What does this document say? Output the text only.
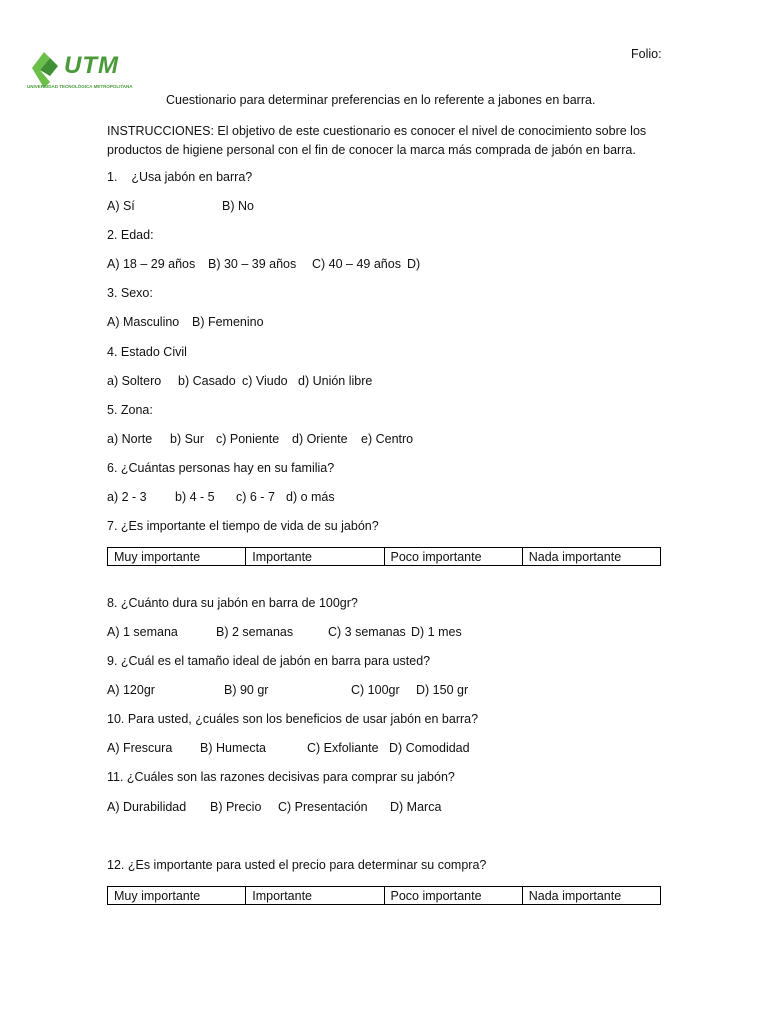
UTM
UNIVERSIDAD TECNOLÓGICA METROPOLITANA
Folio:
Cuestionario para determinar preferencias en lo referente a jabones en barra.
INSTRUCCIONES: El objetivo de este cuestionario es conocer el nivel de conocimiento sobre los productos de higiene personal con el fin de conocer la marca más comprada de jabón en barra.
1.    ¿Usa jabón en barra?
A) Sí	B) No
2. Edad:
A) 18 – 29 años B) 30 – 39 años C) 40 – 49 años D)
3. Sexo:
A) Masculino B) Femenino
4. Estado Civil
a) Soltero b) Casado c) Viudo d) Unión libre
5. Zona:
a) Norte b) Sur c) Poniente d) Oriente e) Centro
6. ¿Cuántas personas hay en su familia?
a) 2 - 3 b) 4 - 5 c) 6 - 7 d) o más
7. ¿Es importante el tiempo de vida de su jabón?
Muy importante	Importante	Poco importante	Nada importante
8. ¿Cuánto dura su jabón en barra de 100gr?
A) 1 semana	B) 2 semanas	C) 3 semanas D) 1 mes
9. ¿Cuál es el tamaño ideal de jabón en barra para usted?
A) 120gr	B) 90 gr	C) 100gr D) 150 gr
10. Para usted, ¿cuáles son los beneficios de usar jabón en barra?
A) Frescura B) Humecta	C) Exfoliante D) Comodidad
11. ¿Cuáles son las razones decisivas para comprar su jabón?
A) Durabilidad B) Precio C) Presentación D) Marca
12. ¿Es importante para usted el precio para determinar su compra?
Muy importante	Importante	Poco importante	Nada importante
